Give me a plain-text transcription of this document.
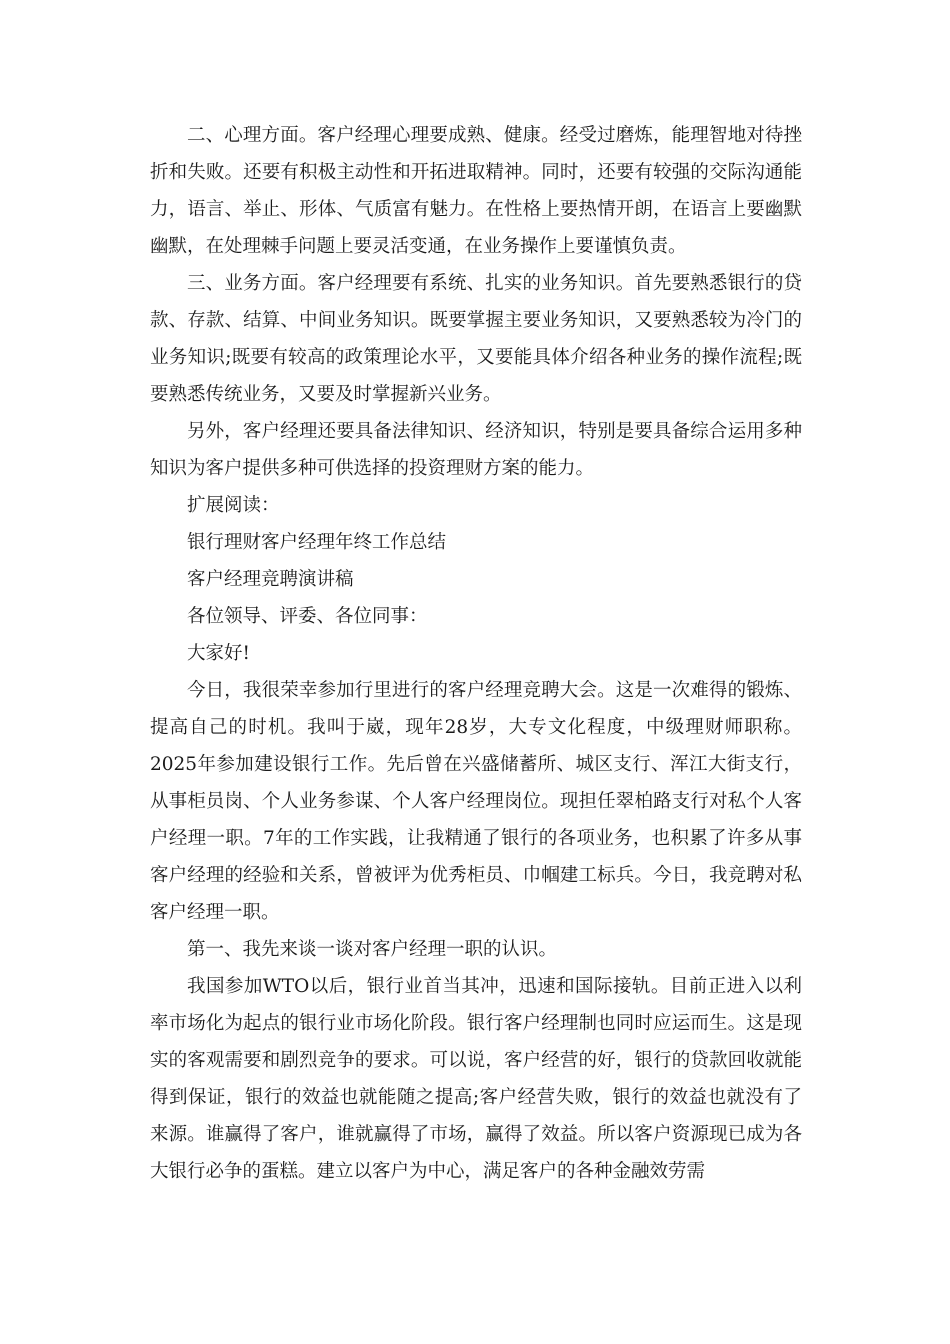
二、心理方面。客户经理心理要成熟、健康。经受过磨炼，能理智地对待挫折和失败。还要有积极主动性和开拓进取精神。同时，还要有较强的交际沟通能力，语言、举止、形体、气质富有魅力。在性格上要热情开朗，在语言上要幽默幽默，在处理棘手问题上要灵活变通，在业务操作上要谨慎负责。

三、业务方面。客户经理要有系统、扎实的业务知识。首先要熟悉银行的贷款、存款、结算、中间业务知识。既要掌握主要业务知识，又要熟悉较为冷门的业务知识;既要有较高的政策理论水平，又要能具体介绍各种业务的操作流程;既要熟悉传统业务，又要及时掌握新兴业务。

另外，客户经理还要具备法律知识、经济知识，特别是要具备综合运用多种知识为客户提供多种可供选择的投资理财方案的能力。

扩展阅读：

银行理财客户经理年终工作总结

客户经理竞聘演讲稿

各位领导、评委、各位同事：

大家好!

今日，我很荣幸参加行里进行的客户经理竞聘大会。这是一次难得的锻炼、提高自己的时机。我叫于崴，现年28岁，大专文化程度，中级理财师职称。2025年参加建设银行工作。先后曾在兴盛储蓄所、城区支行、浑江大街支行，从事柜员岗、个人业务参谋、个人客户经理岗位。现担任翠柏路支行对私个人客户经理一职。7年的工作实践，让我精通了银行的各项业务，也积累了许多从事客户经理的经验和关系，曾被评为优秀柜员、巾帼建工标兵。今日，我竞聘对私客户经理一职。

第一、我先来谈一谈对客户经理一职的认识。

我国参加WTO以后，银行业首当其冲，迅速和国际接轨。目前正进入以利率市场化为起点的银行业市场化阶段。银行客户经理制也同时应运而生。这是现实的客观需要和剧烈竞争的要求。可以说，客户经营的好，银行的贷款回收就能得到保证，银行的效益也就能随之提高;客户经营失败，银行的效益也就没有了来源。谁赢得了客户，谁就赢得了市场，赢得了效益。所以客户资源现已成为各大银行必争的蛋糕。建立以客户为中心，满足客户的各种金融效劳需
